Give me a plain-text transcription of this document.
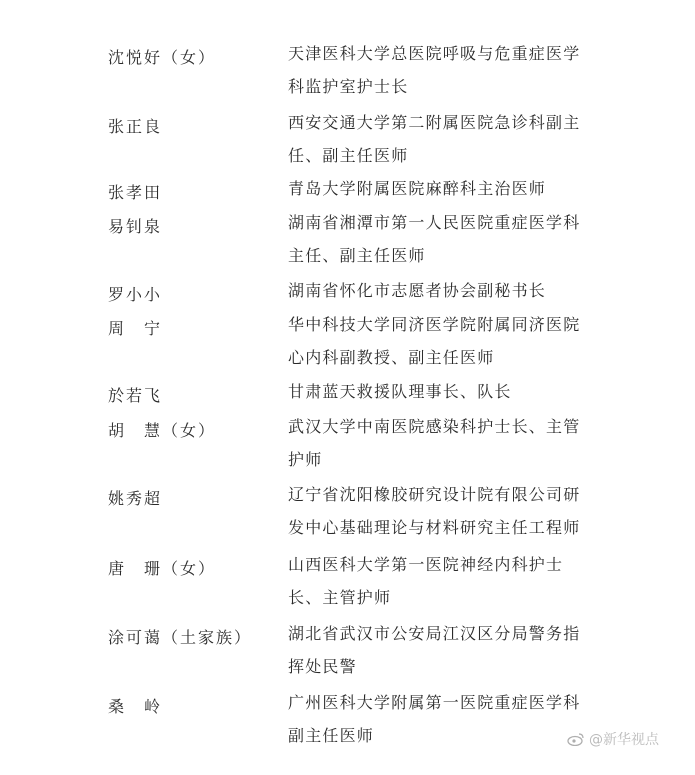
沈悦好（女）	天津医科大学总医院呼吸与危重症医学
科监护室护士长
张正良	西安交通大学第二附属医院急诊科副主
任、副主任医师
张孝田	青岛大学附属医院麻醉科主治医师
易钊泉	湖南省湘潭市第一人民医院重症医学科
主任、副主任医师
罗小小	湖南省怀化市志愿者协会副秘书长
周　宁	华中科技大学同济医学院附属同济医院
心内科副教授、副主任医师
於若飞	甘肃蓝天救援队理事长、队长
胡　慧（女）	武汉大学中南医院感染科护士长、主管
护师
姚秀超	辽宁省沈阳橡胶研究设计院有限公司研
发中心基础理论与材料研究主任工程师
唐　珊（女）	山西医科大学第一医院神经内科护士
长、主管护师
涂可蔼（土家族） 湖北省武汉市公安局江汉区分局警务指
挥处民警
桑　岭	广州医科大学附属第一医院重症医学科
副主任医师	@新华视点
